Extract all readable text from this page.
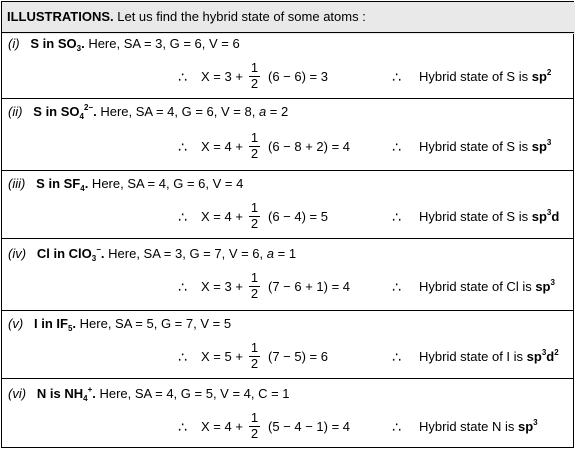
ILLUSTRATIONS. Let us find the hybrid state of some atoms :
(i) S in $SO_3$. Here, SA = 3, G = 6, V = 6
∴ $X = 3 + \frac{1}{2} (6 - 6) = 3$	∴ Hybrid state of S is $sp^2$
(ii) S in $SO_4^{2-}$. Here, SA = 4, G = 6, V = 8, a = 2
∴ $X = 4 + \frac{1}{2} (6 - 8 + 2) = 4$	∴ Hybrid state of S is $sp^3$
(iii) S in $SF_4$. Here, SA = 4, G = 6, V = 4
∴ $X = 4 + \frac{1}{2} (6 - 4) = 5$	∴ Hybrid state of S is $sp^3d$
(iv) Cl in ClO$_3$−. Here, SA = 3, G = 7, V = 6, a = 1
∴ $X = 3 + \frac{1}{2} (7 - 6 + 1) = 4$	∴ Hybrid state of Cl is $sp^3$
(v) I in $IF_5$. Here, SA = 5, G = 7, V = 5
∴ $X = 5 + \frac{1}{2} (7 - 5) = 6$	∴ Hybrid state of I is $sp^3d^2$
(vi) N is $NH_4^+$. Here, SA = 4, G = 5, V = 4, C = 1
∴ $X = 4 + \frac{1}{2} (5 - 4 - 1) = 4$	∴ Hybrid state N is $sp^3$
